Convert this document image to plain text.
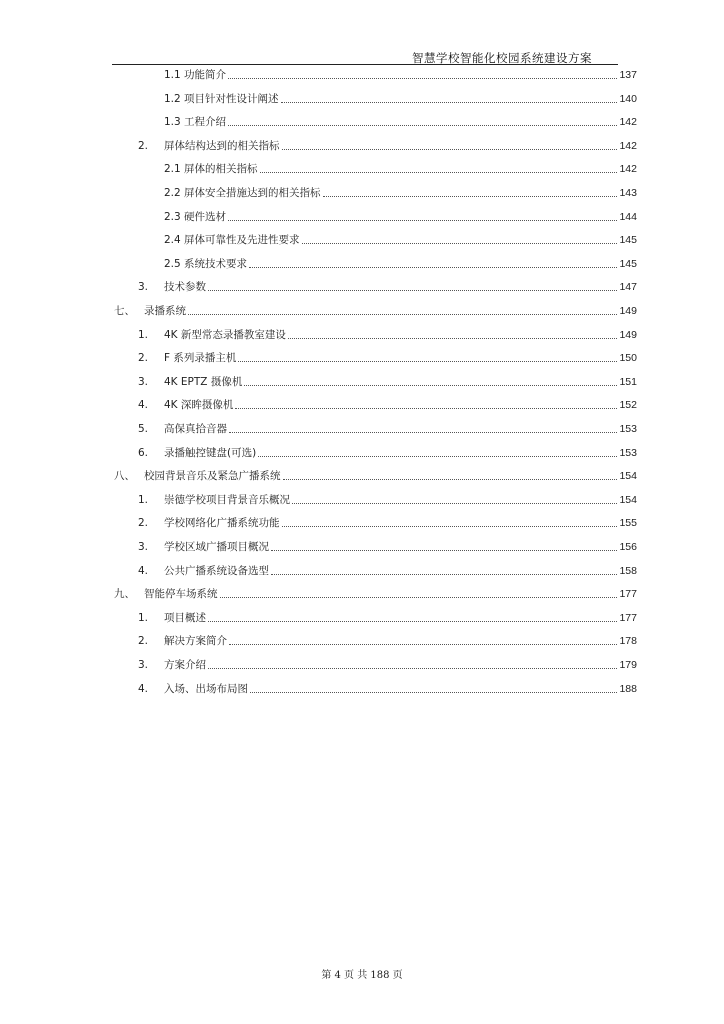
智慧学校智能化校园系统建设方案
1.1 功能简介	137
1.2 项目针对性设计阐述	140
1.3 工程介绍	142
2.	屏体结构达到的相关指标	142
2.1 屏体的相关指标	142
2.2 屏体安全措施达到的相关指标	143
2.3 硬件选材	144
2.4 屏体可靠性及先进性要求	145
2.5 系统技术要求	145
3.	技术参数	147
七、 录播系统	149
1.	4K 新型常态录播教室建设	149
2.	F 系列录播主机	150
3.	4K EPTZ 摄像机	151
4.	4K 深眸摄像机	152
5.	高保真拾音器	153
6.	录播触控键盘(可选)	153
八、 校园背景音乐及紧急广播系统	154
1.	崇德学校项目背景音乐概况	154
2.	学校网络化广播系统功能	155
3.	学校区域广播项目概况	156
4.	公共广播系统设备选型	158
九、 智能停车场系统	177
1.	项目概述	177
2.	解决方案简介	178
3.	方案介绍	179
4.	入场、出场布局图	188
第 4 页 共 188 页
